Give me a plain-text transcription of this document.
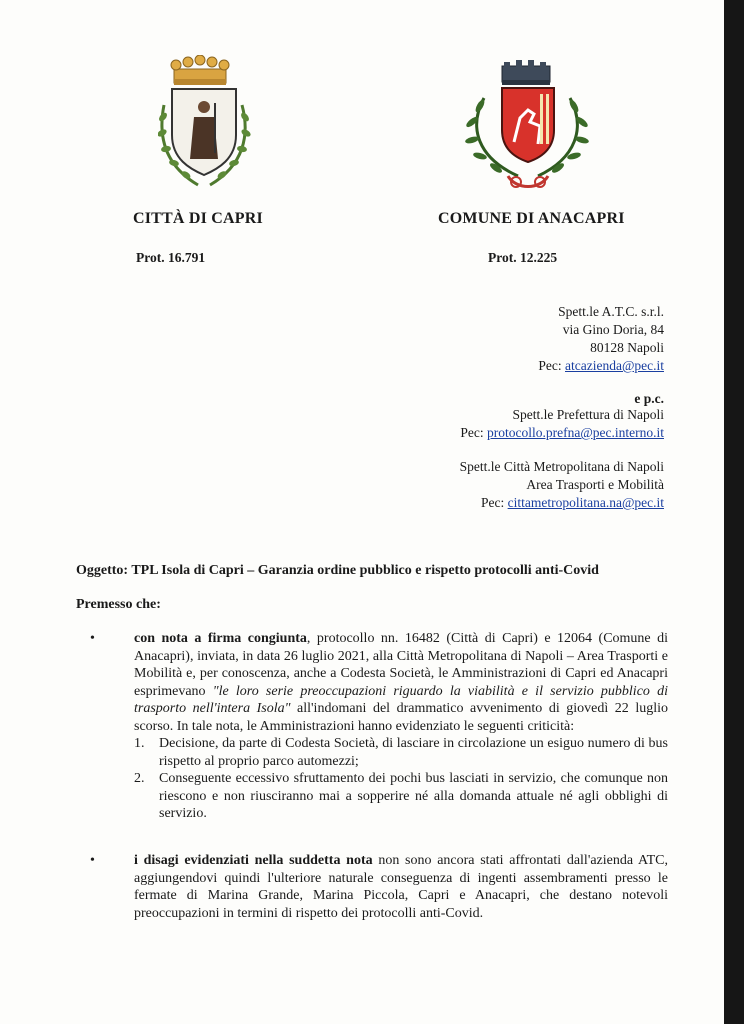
CITTÀ DI CAPRI	COMUNE DI ANACAPRI
Prot. 16.791	Prot. 12.225
Spett.le A.T.C. s.r.l.
via Gino Doria, 84
80128 Napoli
Pec: atcazienda@pec.it
e p.c.
Spett.le Prefettura di Napoli
Pec: protocollo.prefna@pec.interno.it
Spett.le Città Metropolitana di Napoli
Area Trasporti e Mobilità
Pec: cittametropolitana.na@pec.it
Oggetto: TPL Isola di Capri – Garanzia ordine pubblico e rispetto protocolli anti-Covid
Premesso che:
•	con nota a firma congiunta, protocollo nn. 16482 (Città di Capri) e 12064 (Comune di Anacapri), inviata, in data 26 luglio 2021, alla Città Metropolitana di Napoli – Area Trasporti e Mobilità e, per conoscenza, anche a Codesta Società, le Amministrazioni di Capri ed Anacapri esprimevano "le loro serie preoccupazioni riguardo la viabilità e il servizio pubblico di trasporto nell'intera Isola" all'indomani del drammatico avvenimento di giovedì 22 luglio scorso. In tale nota, le Amministrazioni hanno evidenziato le seguenti criticità:
1. Decisione, da parte di Codesta Società, di lasciare in circolazione un esiguo numero di bus rispetto al proprio parco automezzi;
2. Conseguente eccessivo sfruttamento dei pochi bus lasciati in servizio, che comunque non riescono e non riusciranno mai a sopperire né alla domanda attuale né agli obblighi di servizio.
•	i disagi evidenziati nella suddetta nota non sono ancora stati affrontati dall'azienda ATC, aggiungendovi quindi l'ulteriore naturale conseguenza di ingenti assembramenti presso le fermate di Marina Grande, Marina Piccola, Capri e Anacapri, che destano notevoli preoccupazioni in termini di rispetto dei protocolli anti-Covid.
